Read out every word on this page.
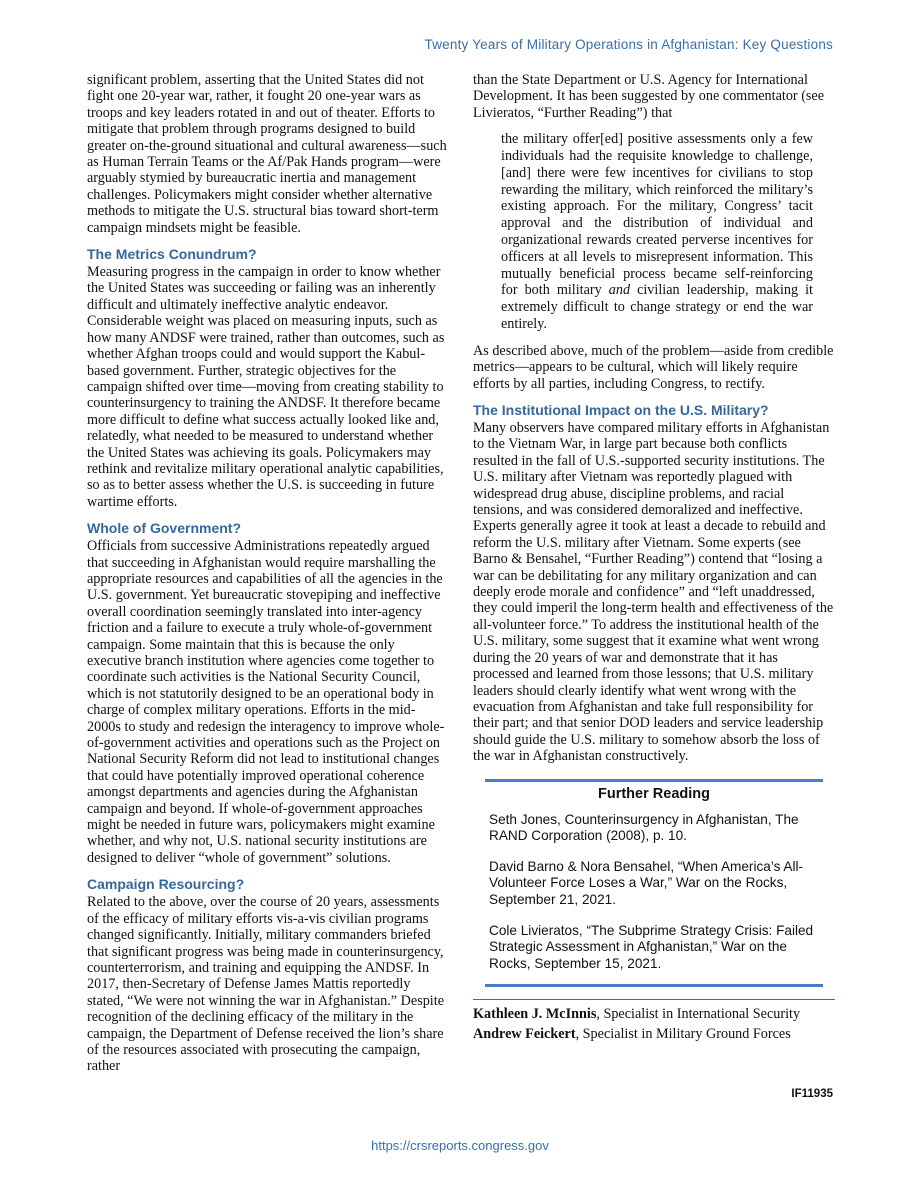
Twenty Years of Military Operations in Afghanistan: Key Questions

significant problem, asserting that the United States did not fight one 20-year war, rather, it fought 20 one-year wars as troops and key leaders rotated in and out of theater. Efforts to mitigate that problem through programs designed to build greater on-the-ground situational and cultural awareness—such as Human Terrain Teams or the Af/Pak Hands program—were arguably stymied by bureaucratic inertia and management challenges. Policymakers might consider whether alternative methods to mitigate the U.S. structural bias toward short-term campaign mindsets might be feasible.

The Metrics Conundrum?

Measuring progress in the campaign in order to know whether the United States was succeeding or failing was an inherently difficult and ultimately ineffective analytic endeavor. Considerable weight was placed on measuring inputs, such as how many ANDSF were trained, rather than outcomes, such as whether Afghan troops could and would support the Kabul-based government. Further, strategic objectives for the campaign shifted over time—moving from creating stability to counterinsurgency to training the ANDSF. It therefore became more difficult to define what success actually looked like and, relatedly, what needed to be measured to understand whether the United States was achieving its goals. Policymakers may rethink and revitalize military operational analytic capabilities, so as to better assess whether the U.S. is succeeding in future wartime efforts.

Whole of Government?

Officials from successive Administrations repeatedly argued that succeeding in Afghanistan would require marshalling the appropriate resources and capabilities of all the agencies in the U.S. government. Yet bureaucratic stovepiping and ineffective overall coordination seemingly translated into inter-agency friction and a failure to execute a truly whole-of-government campaign. Some maintain that this is because the only executive branch institution where agencies come together to coordinate such activities is the National Security Council, which is not statutorily designed to be an operational body in charge of complex military operations. Efforts in the mid-2000s to study and redesign the interagency to improve whole-of-government activities and operations such as the Project on National Security Reform did not lead to institutional changes that could have potentially improved operational coherence amongst departments and agencies during the Afghanistan campaign and beyond. If whole-of-government approaches might be needed in future wars, policymakers might examine whether, and why not, U.S. national security institutions are designed to deliver “whole of government” solutions.

Campaign Resourcing?

Related to the above, over the course of 20 years, assessments of the efficacy of military efforts vis-a-vis civilian programs changed significantly. Initially, military commanders briefed that significant progress was being made in counterinsurgency, counterterrorism, and training and equipping the ANDSF. In 2017, then-Secretary of Defense James Mattis reportedly stated, “We were not winning the war in Afghanistan.” Despite recognition of the declining efficacy of the military in the campaign, the Department of Defense received the lion’s share of the resources associated with prosecuting the campaign, rather

than the State Department or U.S. Agency for International Development. It has been suggested by one commentator (see Livieratos, “Further Reading”) that

the military offer[ed] positive assessments only a few individuals had the requisite knowledge to challenge, [and] there were few incentives for civilians to stop rewarding the military, which reinforced the military’s existing approach. For the military, Congress’ tacit approval and the distribution of individual and organizational rewards created perverse incentives for officers at all levels to misrepresent information. This mutually beneficial process became self-reinforcing for both military and civilian leadership, making it extremely difficult to change strategy or end the war entirely.

As described above, much of the problem—aside from credible metrics—appears to be cultural, which will likely require efforts by all parties, including Congress, to rectify.

The Institutional Impact on the U.S. Military?

Many observers have compared military efforts in Afghanistan to the Vietnam War, in large part because both conflicts resulted in the fall of U.S.-supported security institutions. The U.S. military after Vietnam was reportedly plagued with widespread drug abuse, discipline problems, and racial tensions, and was considered demoralized and ineffective. Experts generally agree it took at least a decade to rebuild and reform the U.S. military after Vietnam. Some experts (see Barno & Bensahel, “Further Reading”) contend that “losing a war can be debilitating for any military organization and can deeply erode morale and confidence” and “left unaddressed, they could imperil the long-term health and effectiveness of the all-volunteer force.” To address the institutional health of the U.S. military, some suggest that it examine what went wrong during the 20 years of war and demonstrate that it has processed and learned from those lessons; that U.S. military leaders should clearly identify what went wrong with the evacuation from Afghanistan and take full responsibility for their part; and that senior DOD leaders and service leadership should guide the U.S. military to somehow absorb the loss of the war in Afghanistan constructively.

Further Reading

Seth Jones, Counterinsurgency in Afghanistan, The RAND Corporation (2008), p. 10.

David Barno & Nora Bensahel, “When America’s All-Volunteer Force Loses a War,” War on the Rocks, September 21, 2021.

Cole Livieratos, “The Subprime Strategy Crisis: Failed Strategic Assessment in Afghanistan,” War on the Rocks, September 15, 2021.

Kathleen J. McInnis, Specialist in International Security

Andrew Feickert, Specialist in Military Ground Forces

IF11935
https://crsreports.congress.gov
